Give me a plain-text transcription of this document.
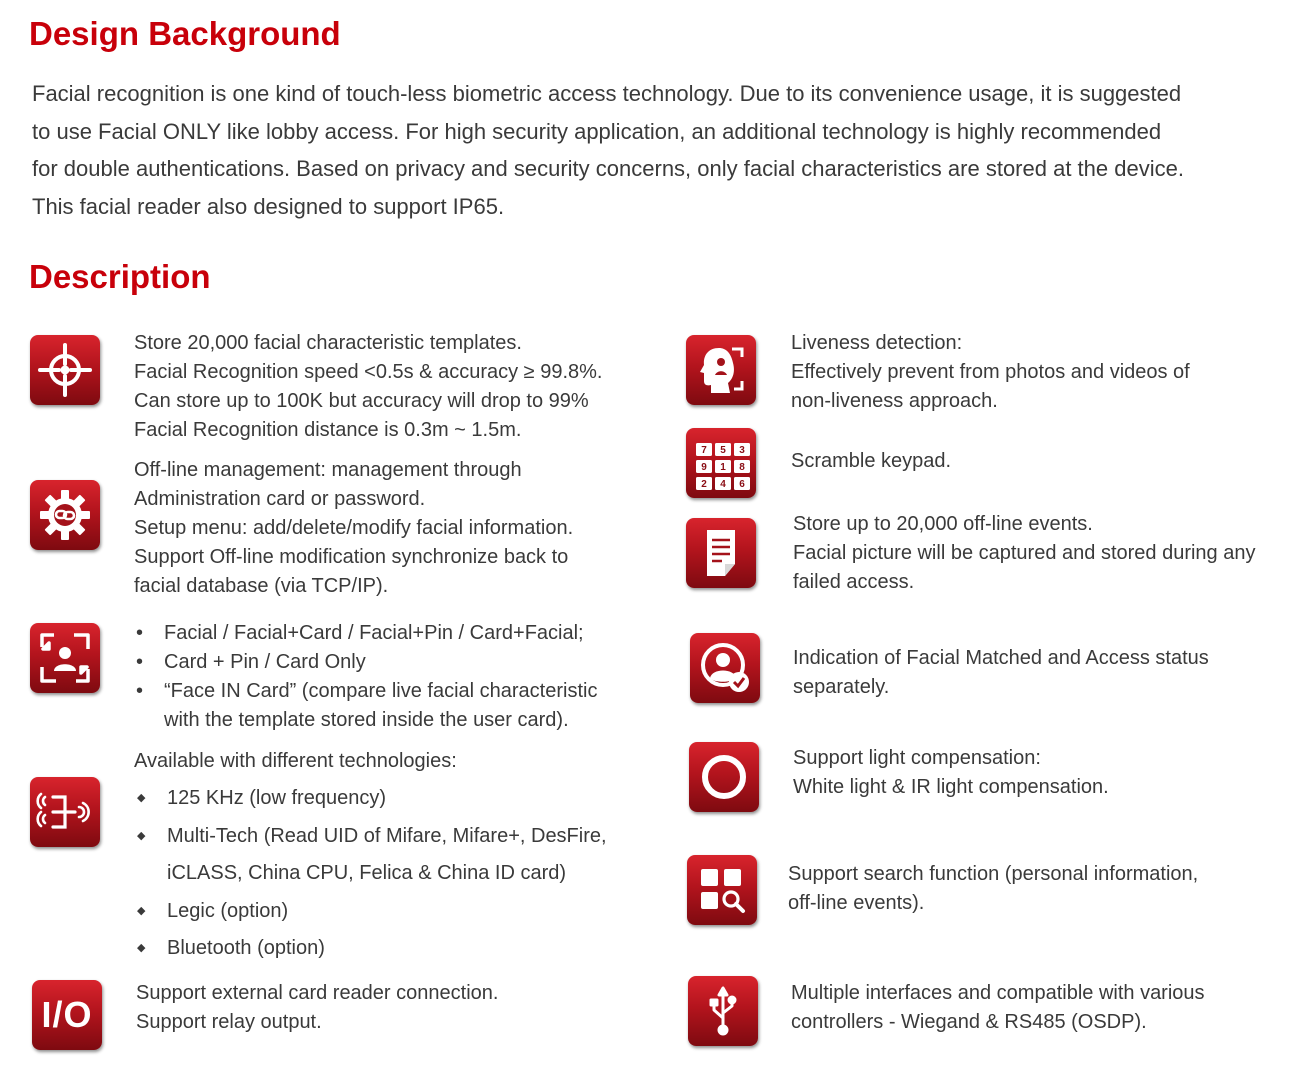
Design Background

Facial recognition is one kind of touch-less biometric access technology. Due to its convenience usage, it is suggested
to use Facial ONLY like lobby access. For high security application, an additional technology is highly recommended
for double authentications. Based on privacy and security concerns, only facial characteristics are stored at the device.
This facial reader also designed to support IP65.

Description
Store 20,000 facial characteristic templates.
Facial Recognition speed <0.5s & accuracy ≥ 99.8%.
Can store up to 100K but accuracy will drop to 99%
Facial Recognition distance is 0.3m ~ 1.5m.
Off-line management: management through
Administration card or password.
Setup menu: add/delete/modify facial information.
Support Off-line modification synchronize back to
facial database (via TCP/IP).
• Facial / Facial+Card / Facial+Pin / Card+Facial;
• Card + Pin / Card Only
• “Face IN Card” (compare live facial characteristic
with the template stored inside the user card).
Available with different technologies:
◆ 125 KHz (low frequency)
◆ Multi-Tech (Read UID of Mifare, Mifare+, DesFire,
iCLASS, China CPU, Felica & China ID card)
◆ Legic (option)
◆ Bluetooth (option)
I/O
Support external card reader connection.
Support relay output.
Liveness detection:
Effectively prevent from photos and videos of
non-liveness approach.
7 5 3
9 1 8
2 4 6
Scramble keypad.
Store up to 20,000 off-line events.
Facial picture will be captured and stored during any
failed access.
Indication of Facial Matched and Access status
separately.
Support light compensation:
White light & IR light compensation.
Support search function (personal information,
off-line events).
Multiple interfaces and compatible with various
controllers - Wiegand & RS485 (OSDP).
